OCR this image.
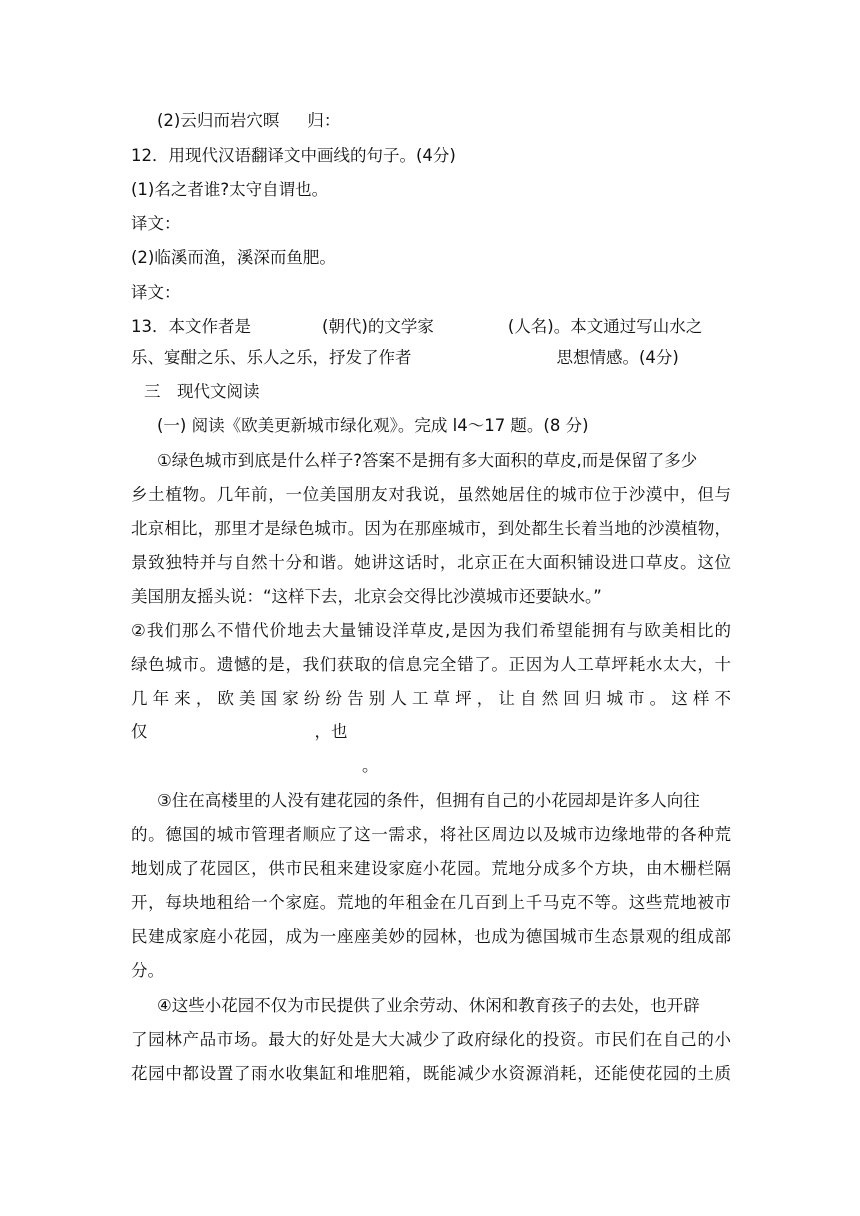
(2)云归而岩穴暝 归：
12．用现代汉语翻译文中画线的句子。(4分)
(1)名之者谁?太守自谓也。
译文：
(2)临溪而渔，溪深而鱼肥。
译文：
13．本文作者是	(朝代)的文学家	(人名)。本文通过写山水之
乐、宴酣之乐、乐人之乐，抒发了作者	思想情感。(4分)
三　现代文阅读
(一) 阅读《欧美更新城市绿化观》。完成 l4～17 题。(8 分)
①绿色城市到底是什么样子?答案不是拥有多大面积的草皮,而是保留了多少
乡土植物。几年前，一位美国朋友对我说，虽然她居住的城市位于沙漠中，但与
北京相比，那里才是绿色城市。因为在那座城市，到处都生长着当地的沙漠植物，
景致独特并与自然十分和谐。她讲这话时，北京正在大面积铺设进口草皮。这位
美国朋友摇头说：“这样下去，北京会交得比沙漠城市还要缺水。”
②我们那么不惜代价地去大量铺设洋草皮,是因为我们希望能拥有与欧美相比的
绿色城市。遗憾的是，我们获取的信息完全错了。正因为人工草坪耗水太大，十
几年来，欧美国家纷纷告别人工草坪，让自然回归城市。这样不
仅	，也
。
③住在高楼里的人没有建花园的条件，但拥有自己的小花园却是许多人向往
的。德国的城市管理者顺应了这一需求，将社区周边以及城市边缘地带的各种荒
地划成了花园区，供市民租来建设家庭小花园。荒地分成多个方块，由木栅栏隔
开，每块地租给一个家庭。荒地的年租金在几百到上千马克不等。这些荒地被市
民建成家庭小花园，成为一座座美妙的园林，也成为德国城市生态景观的组成部
分。
④这些小花园不仅为市民提供了业余劳动、休闲和教育孩子的去处，也开辟
了园林产品市场。最大的好处是大大减少了政府绿化的投资。市民们在自己的小
花园中都设置了雨水收集缸和堆肥箱，既能减少水资源消耗，还能使花园的土质
